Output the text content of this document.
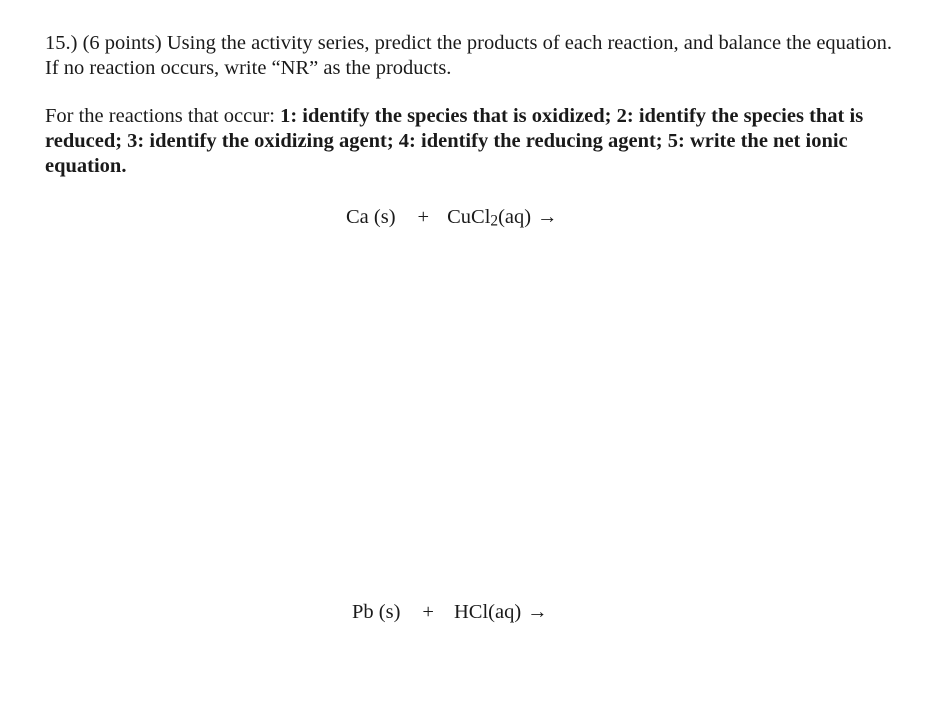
15.) (6 points) Using the activity series, predict the products of each reaction, and balance the equation. If no reaction occurs, write “NR” as the products.
For the reactions that occur: 1: identify the species that is oxidized; 2: identify the species that is reduced; 3: identify the oxidizing agent; 4: identify the reducing agent; 5: write the net ionic equation.
Ca (s) + CuCl$_2$(aq) →
Pb (s) + HCl(aq) →
